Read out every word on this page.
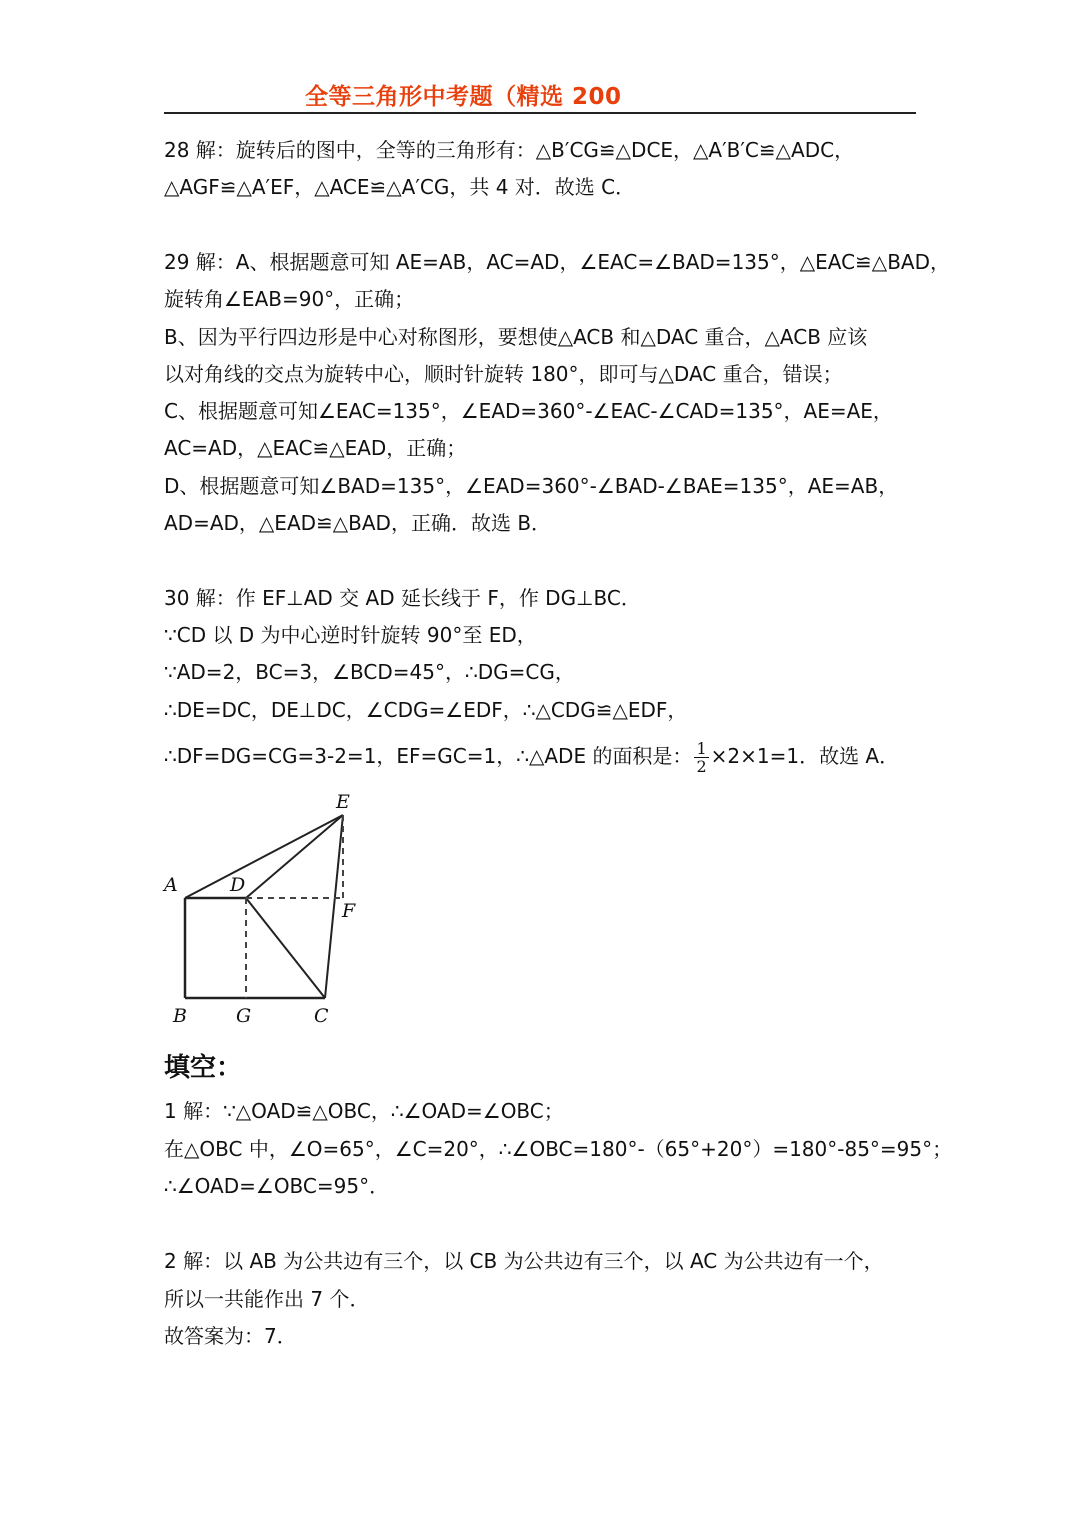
全等三角形中考题（精选 200
28 解：旋转后的图中，全等的三角形有：△B′CG≌△DCE，△A′B′C≌△ADC，
△AGF≌△A′EF，△ACE≌△A′CG，共 4 对．故选 C．
29 解：A、根据题意可知 AE=AB，AC=AD，∠EAC=∠BAD=135°，△EAC≌△BAD，
旋转角∠EAB=90°，正确；
B、因为平行四边形是中心对称图形，要想使△ACB 和△DAC 重合，△ACB 应该
以对角线的交点为旋转中心，顺时针旋转 180°，即可与△DAC 重合，错误；
C、根据题意可知∠EAC=135°，∠EAD=360°-∠EAC-∠CAD=135°，AE=AE，
AC=AD，△EAC≌△EAD，正确；
D、根据题意可知∠BAD=135°，∠EAD=360°-∠BAD-∠BAE=135°，AE=AB，
AD=AD，△EAD≌△BAD，正确．故选 B．
30 解：作 EF⊥AD 交 AD 延长线于 F，作 DG⊥BC．
∵CD 以 D 为中心逆时针旋转 90°至 ED，
∵AD=2，BC=3，∠BCD=45°，∴DG=CG，
∴DE=DC，DE⊥DC，∠CDG=∠EDF，∴△CDG≌△EDF，
∴DF=DG=CG=3-2=1，EF=GC=1，∴△ADE 的面积是： $\frac{1}{2} \times 2\times 1=1$．故选 A．
A	D
E
F
B	G	C
填空：
1 解：∵△OAD≌△OBC，∴∠OAD=∠OBC；
在△OBC 中，∠O=65°，∠C=20°，∴∠OBC=180°-（65°+20°）=180°-85°=95°；
∴∠OAD=∠OBC=95°．
2 解：以 AB 为公共边有三个，以 CB 为公共边有三个，以 AC 为公共边有一个，
所以一共能作出 7 个．
故答案为：7．
